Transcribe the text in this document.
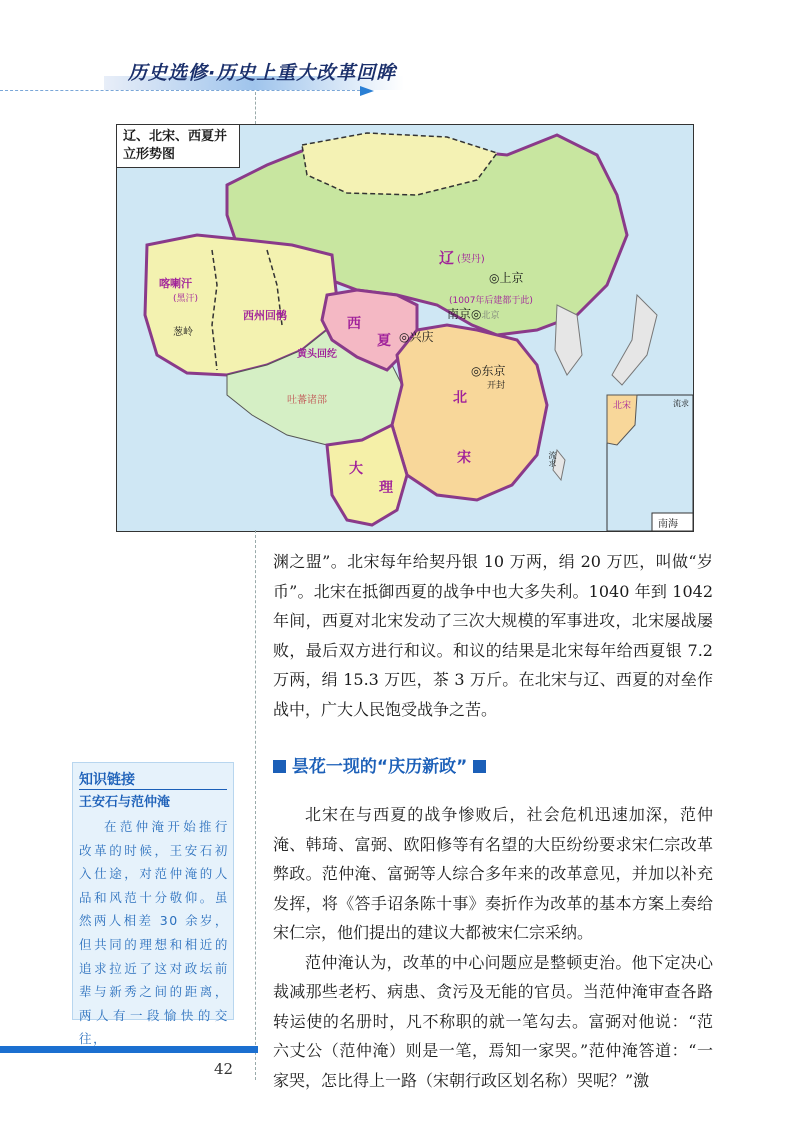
历史选修·历史上重大改革回眸
辽、北宋、西夏并立形势图
辽 (契丹)
◎上京
(1007年后建都于此)
南京◎北京
西
夏 ◎兴庆
◎东京
开封
北
宋
喀喇汗
(黑汗)
葱岭
西州回鹘
黄头回纥
吐蕃诸部
大
理
流求
北宋	流求
南海

渊之盟”。北宋每年给契丹银 10 万两，绢 20 万匹，叫做“岁币”。北宋在抵御西夏的战争中也大多失利。1040 年到 1042 年间，西夏对北宋发动了三次大规模的军事进攻，北宋屡战屡败，最后双方进行和议。和议的结果是北宋每年给西夏银 7.2 万两，绢 15.3 万匹，茶 3 万斤。在北宋与辽、西夏的对垒作战中，广大人民饱受战争之苦。

昙花一现的“庆历新政”

北宋在与西夏的战争惨败后，社会危机迅速加深，范仲淹、韩琦、富弼、欧阳修等有名望的大臣纷纷要求宋仁宗改革弊政。范仲淹、富弼等人综合多年来的改革意见，并加以补充发挥，将《答手诏条陈十事》奏折作为改革的基本方案上奏给宋仁宗，他们提出的建议大都被宋仁宗采纳。

范仲淹认为，改革的中心问题应是整顿吏治。他下定决心裁减那些老朽、病患、贪污及无能的官员。当范仲淹审查各路转运使的名册时，凡不称职的就一笔勾去。富弼对他说：“范六丈公（范仲淹）则是一笔，焉知一家哭。”范仲淹答道：“一家哭，怎比得上一路（宋朝行政区划名称）哭呢？”激

知识链接
王安石与范仲淹
在范仲淹开始推行改革的时候，王安石初入仕途，对范仲淹的人品和风范十分敬仰。虽然两人相差 30 余岁，但共同的理想和相近的追求拉近了这对政坛前辈与新秀之间的距离，两人有一段愉快的交往，
42
